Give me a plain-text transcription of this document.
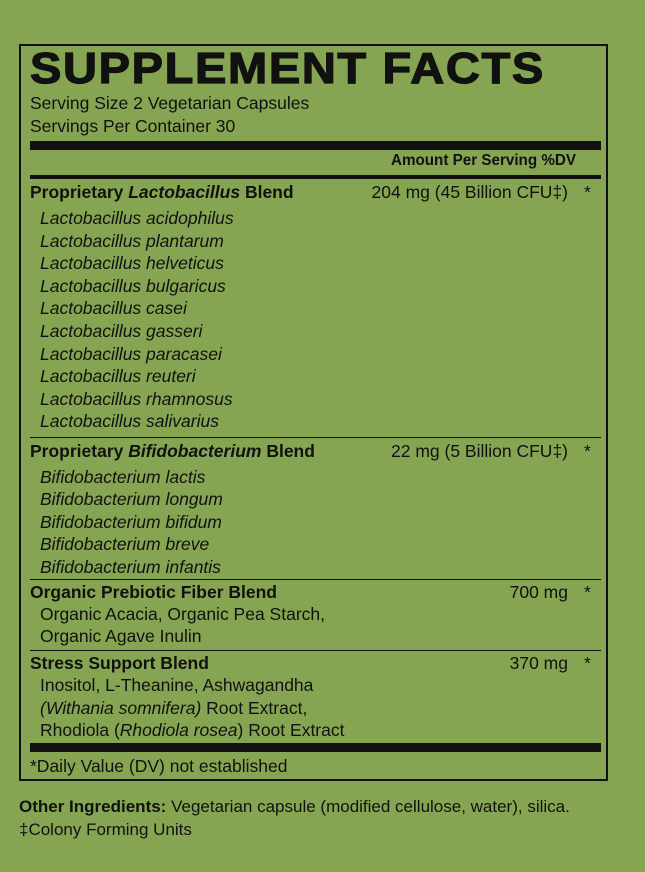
SUPPLEMENT FACTS
Serving Size 2 Vegetarian Capsules
Servings Per Container 30
Amount Per Serving %DV
Proprietary Lactobacillus Blend	204 mg (45 Billion CFU‡) *
Lactobacillus acidophilus
Lactobacillus plantarum
Lactobacillus helveticus
Lactobacillus bulgaricus
Lactobacillus casei
Lactobacillus gasseri
Lactobacillus paracasei
Lactobacillus reuteri
Lactobacillus rhamnosus
Lactobacillus salivarius
Proprietary Bifidobacterium Blend	22 mg (5 Billion CFU‡) *
Bifidobacterium lactis
Bifidobacterium longum
Bifidobacterium bifidum
Bifidobacterium breve
Bifidobacterium infantis
Organic Prebiotic Fiber Blend	700 mg *
Organic Acacia, Organic Pea Starch,
Organic Agave Inulin
Stress Support Blend	370 mg *
Inositol, L-Theanine, Ashwagandha
(Withania somnifera) Root Extract,
Rhodiola (Rhodiola rosea) Root Extract
*Daily Value (DV) not established
Other Ingredients: Vegetarian capsule (modified cellulose, water), silica.
‡Colony Forming Units
